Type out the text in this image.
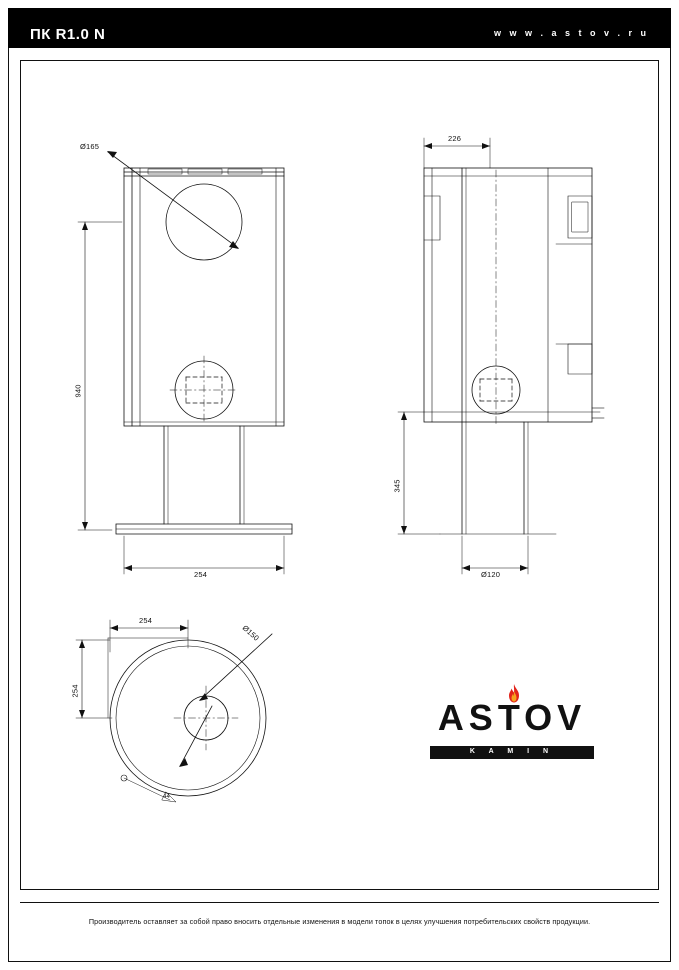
ПК R1.0 N	w w w . a s t o v . r u
Ø165
940
254
226
345
Ø120
254
254
Ø150
44
ASTOV
K A M I N
Производитель оставляет за собой право вносить отдельные изменения в модели топок в целях улучшения потребительских свойств продукции.
